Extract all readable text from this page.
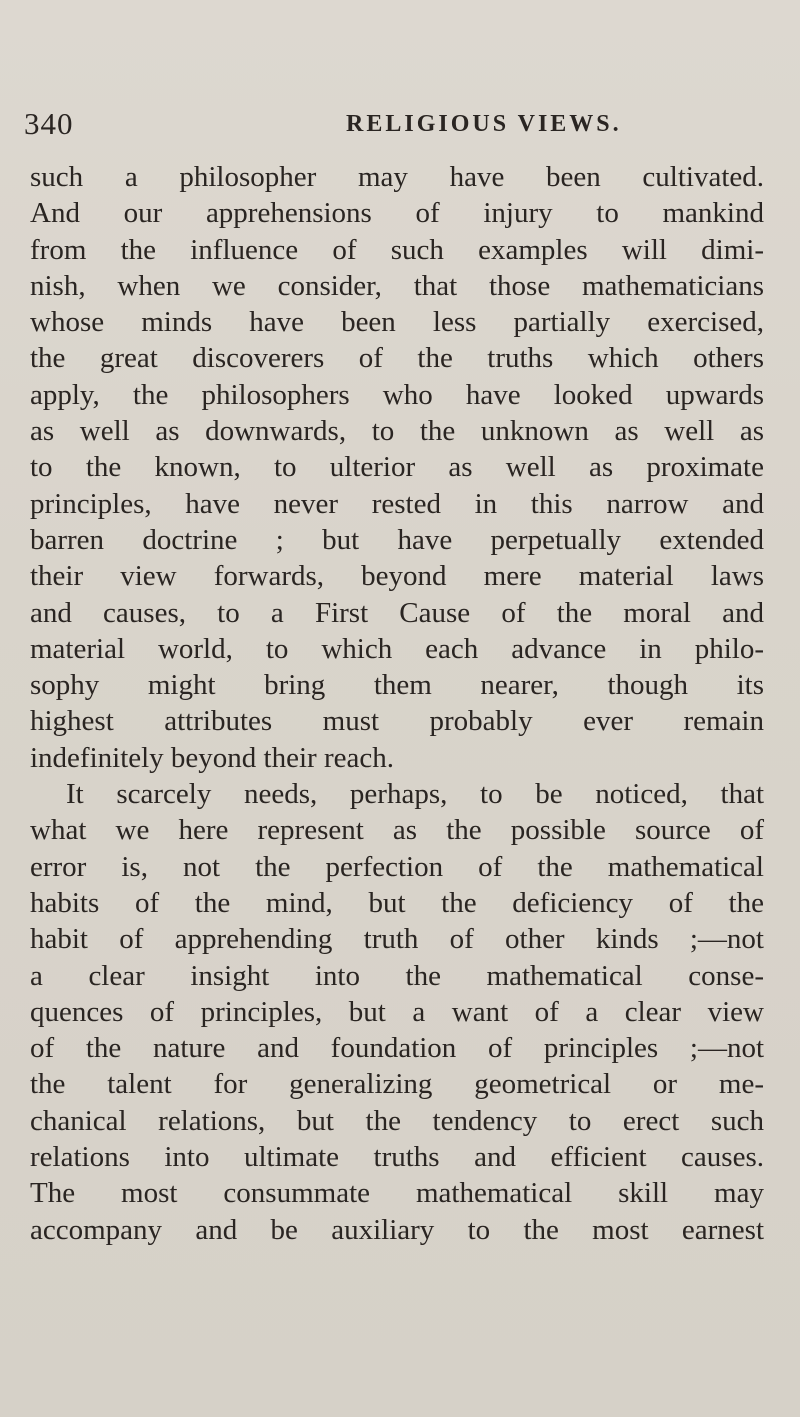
340	RELIGIOUS VIEWS.
such a philosopher may have been cultivated.
And our apprehensions of injury to mankind
from the influence of such examples will dimi-
nish, when we consider, that those mathematicians
whose minds have been less partially exercised,
the great discoverers of the truths which others
apply, the philosophers who have looked upwards
as well as downwards, to the unknown as well as
to the known, to ulterior as well as proximate
principles, have never rested in this narrow and
barren doctrine ; but have perpetually extended
their view forwards, beyond mere material laws
and causes, to a First Cause of the moral and
material world, to which each advance in philo-
sophy might bring them nearer, though its
highest attributes must probably ever remain
indefinitely beyond their reach.
It scarcely needs, perhaps, to be noticed, that
what we here represent as the possible source of
error is, not the perfection of the mathematical
habits of the mind, but the deficiency of the
habit of apprehending truth of other kinds ;—not
a clear insight into the mathematical conse-
quences of principles, but a want of a clear view
of the nature and foundation of principles ;—not
the talent for generalizing geometrical or me-
chanical relations, but the tendency to erect such
relations into ultimate truths and efficient causes.
The most consummate mathematical skill may
accompany and be auxiliary to the most earnest
